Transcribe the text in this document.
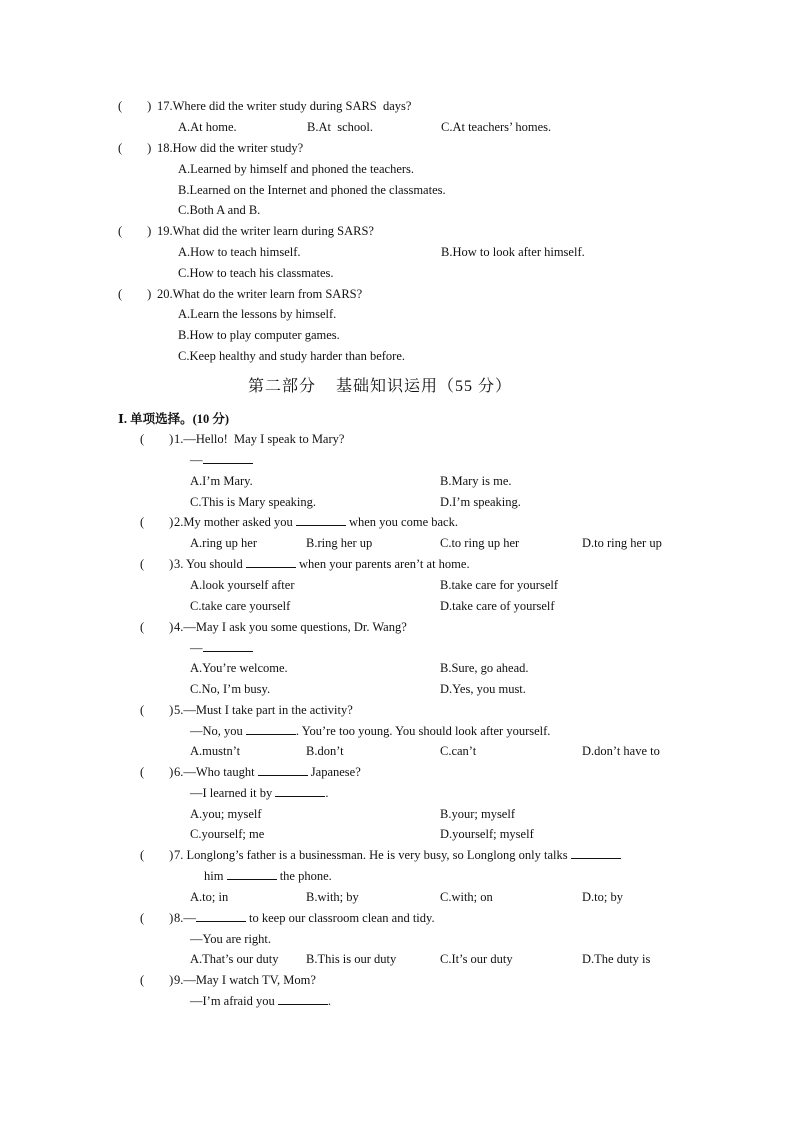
(        ) 17.Where did the writer study during SARS  days?
A.At home.	B.At  school.	C.At teachers’ homes.
(        ) 18.How did the writer study?
A.Learned by himself and phoned the teachers.
B.Learned on the Internet and phoned the classmates.
C.Both A and B.
(        ) 19.What did the writer learn during SARS?
A.How to teach himself.	B.How to look after himself.
C.How to teach his classmates.
(        ) 20.What do the writer learn from SARS?
A.Learn the lessons by himself.
B.How to play computer games.
C.Keep healthy and study harder than before.
第二部分    基础知识运用（55 分）
Ⅰ. 单项选择。(10 分)
(        ) 1.—Hello!  May I speak to Mary?
—
A.I’m Mary.	B.Mary is me.
C.This is Mary speaking.	D.I’m speaking.
(        ) 2.My mother asked you	when you come back.
A.ring up her	B.ring her up	C.to ring up her	D.to ring her up
(        ) 3. You should	when your parents aren’t at home.
A.look yourself after	B.take care for yourself
C.take care yourself	D.take care of yourself
(        ) 4.—May I ask you some questions, Dr. Wang?
—
A.You’re welcome.	B.Sure, go ahead.
C.No, I’m busy.	D.Yes, you must.
(        ) 5.—Must I take part in the activity?
—No, you	. You’re too young. You should look after yourself.
A.mustn’t	B.don’t	C.can’t	D.don’t have to
(        ) 6.—Who taught	Japanese?
—I learned it by	.
A.you; myself	B.your; myself
C.yourself; me	D.yourself; myself
(        ) 7. Longlong’s father is a businessman. He is very busy, so Longlong only talks
him	the phone.
A.to; in	B.with; by	C.with; on	D.to; by
(        ) 8.—	to keep our classroom clean and tidy.
—You are right.
A.That’s our duty B.This is our duty	C.It’s our duty	D.The duty is
(        ) 9.—May I watch TV, Mom?
—I’m afraid you	.
